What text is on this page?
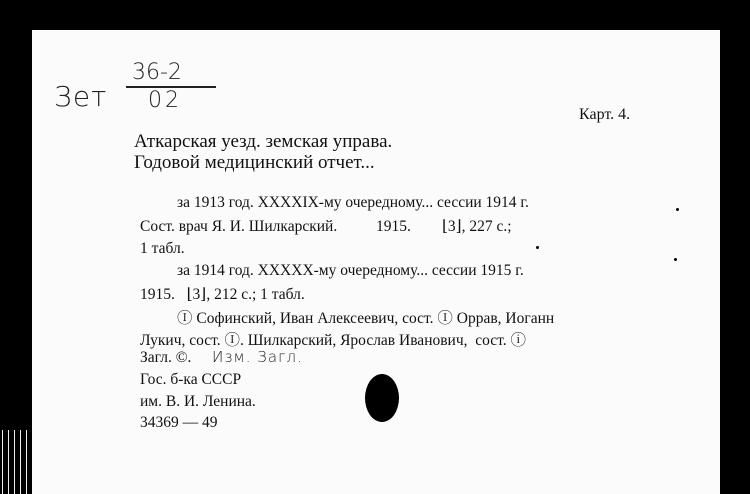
Зет
36-2
02
Карт. 4.
Аткарская уезд. земская управа.
Годовой медицинский отчет...
за 1913 год. XXXXIX-му очередному... сессии 1914 г.
Сост. врач Я. И. Шилкарский.          1915.        ⌊3⌋, 227 с.;
1 табл.
за 1914 год. XXXXX-му очередному... сессии 1915 г.
1915.   ⌊3⌋, 212 с.; 1 табл.
Ⓘ Софинский, Иван Алексеевич, сост. Ⓘ Оррав, Иоганн
Лукич, сост. Ⓘ. Шилкарский, Ярослав Иванович,  сост. ⓘ
Загл. ©. Изм. Загл.
Гос. б-ка СССР
им. В. И. Ленина.
34369 — 49
